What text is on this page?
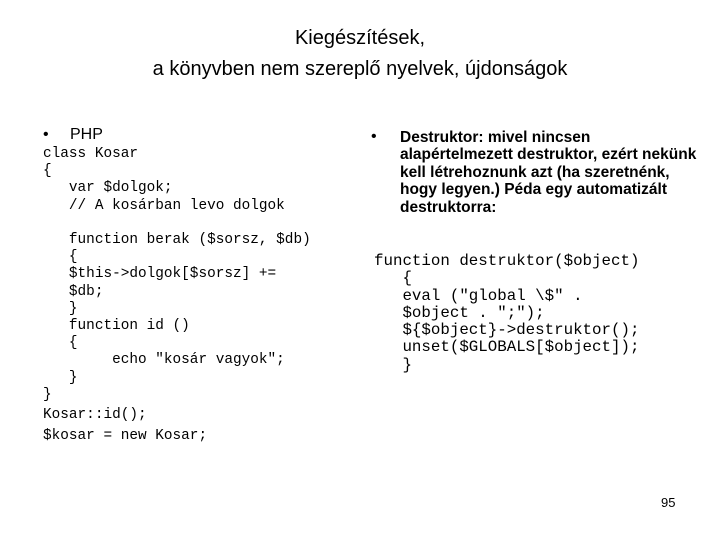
Kiegészítések,
a könyvben nem szereplő nyelvek, újdonságok
• PHP
class Kosar
{
var $dolgok;
// A kosárban levo dolgok

function berak ($sorsz, $db)
{
$this->dolgok[$sorsz] +=
$db;
}
function id ()
{
echo "kosár vagyok";
}
}
Kosar::id();
$kosar = new Kosar;
• Destruktor: mivel nincsen alapértelmezett destruktor, ezért nekünk kell létrehoznunk azt (ha szeretnénk, hogy legyen.) Péda egy automatizált destruktorra:
function destruktor($object)
{
eval ("global \$" .
$object . ";");
${$object}->destruktor();
unset($GLOBALS[$object]);
}
95
